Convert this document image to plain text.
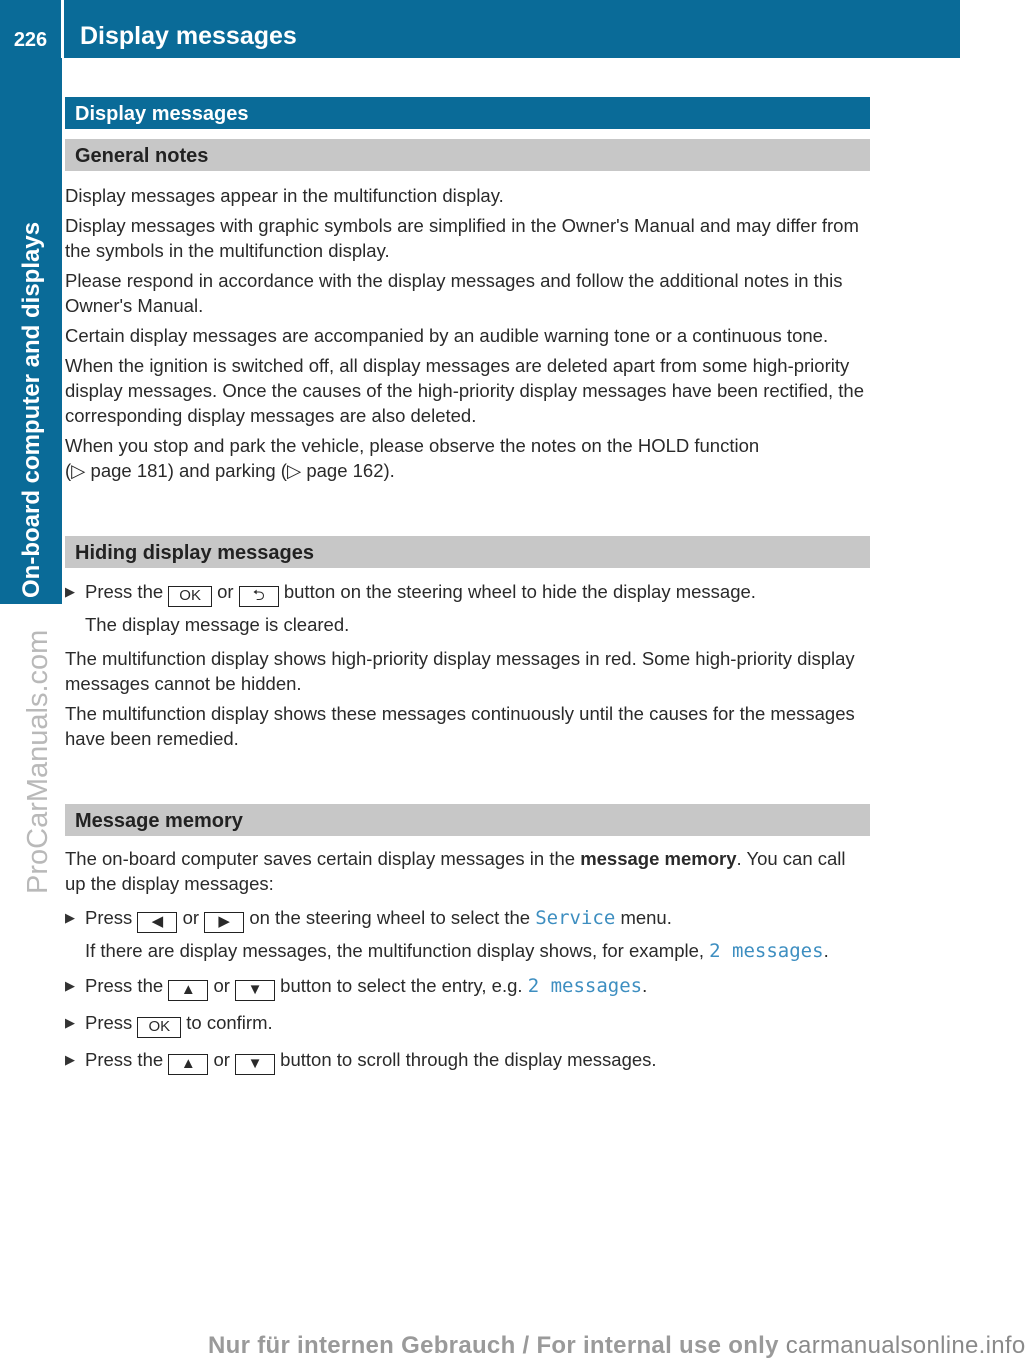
226	Display messages
On-board computer and displays
ProCarManuals.com
Display messages
General notes

Display messages appear in the multifunction display.

Display messages with graphic symbols are simplified in the Owner's Manual and may differ from the symbols in the multifunction display.

Please respond in accordance with the display messages and follow the additional notes in this Owner's Manual.

Certain display messages are accompanied by an audible warning tone or a continuous tone.

When the ignition is switched off, all display messages are deleted apart from some high-priority display messages. Once the causes of the high-priority display messages have been rectified, the corresponding display messages are also deleted.

When you stop and park the vehicle, please observe the notes on the HOLD function
(▷ page 181) and parking (▷ page 162).

Hiding display messages
▶ Press the OK or ⮌ button on the steering wheel to hide the display message.
The display message is cleared.

The multifunction display shows high-priority display messages in red. Some high-priority display messages cannot be hidden.

The multifunction display shows these messages continuously until the causes for the messages have been remedied.

Message memory

The on-board computer saves certain display messages in the message memory. You can call up the display messages:

▶ Press ◀ or ▶ on the steering wheel to select the Service menu.
If there are display messages, the multifunction display shows, for example, 2 messages.
▶ Press the ▲ or ▼ button to select the entry, e.g. 2 messages.
▶ Press OK to confirm.
▶ Press the ▲ or ▼ button to scroll through the display messages.
Nur für internen Gebrauch / For internal use only carmanualsonline.info
